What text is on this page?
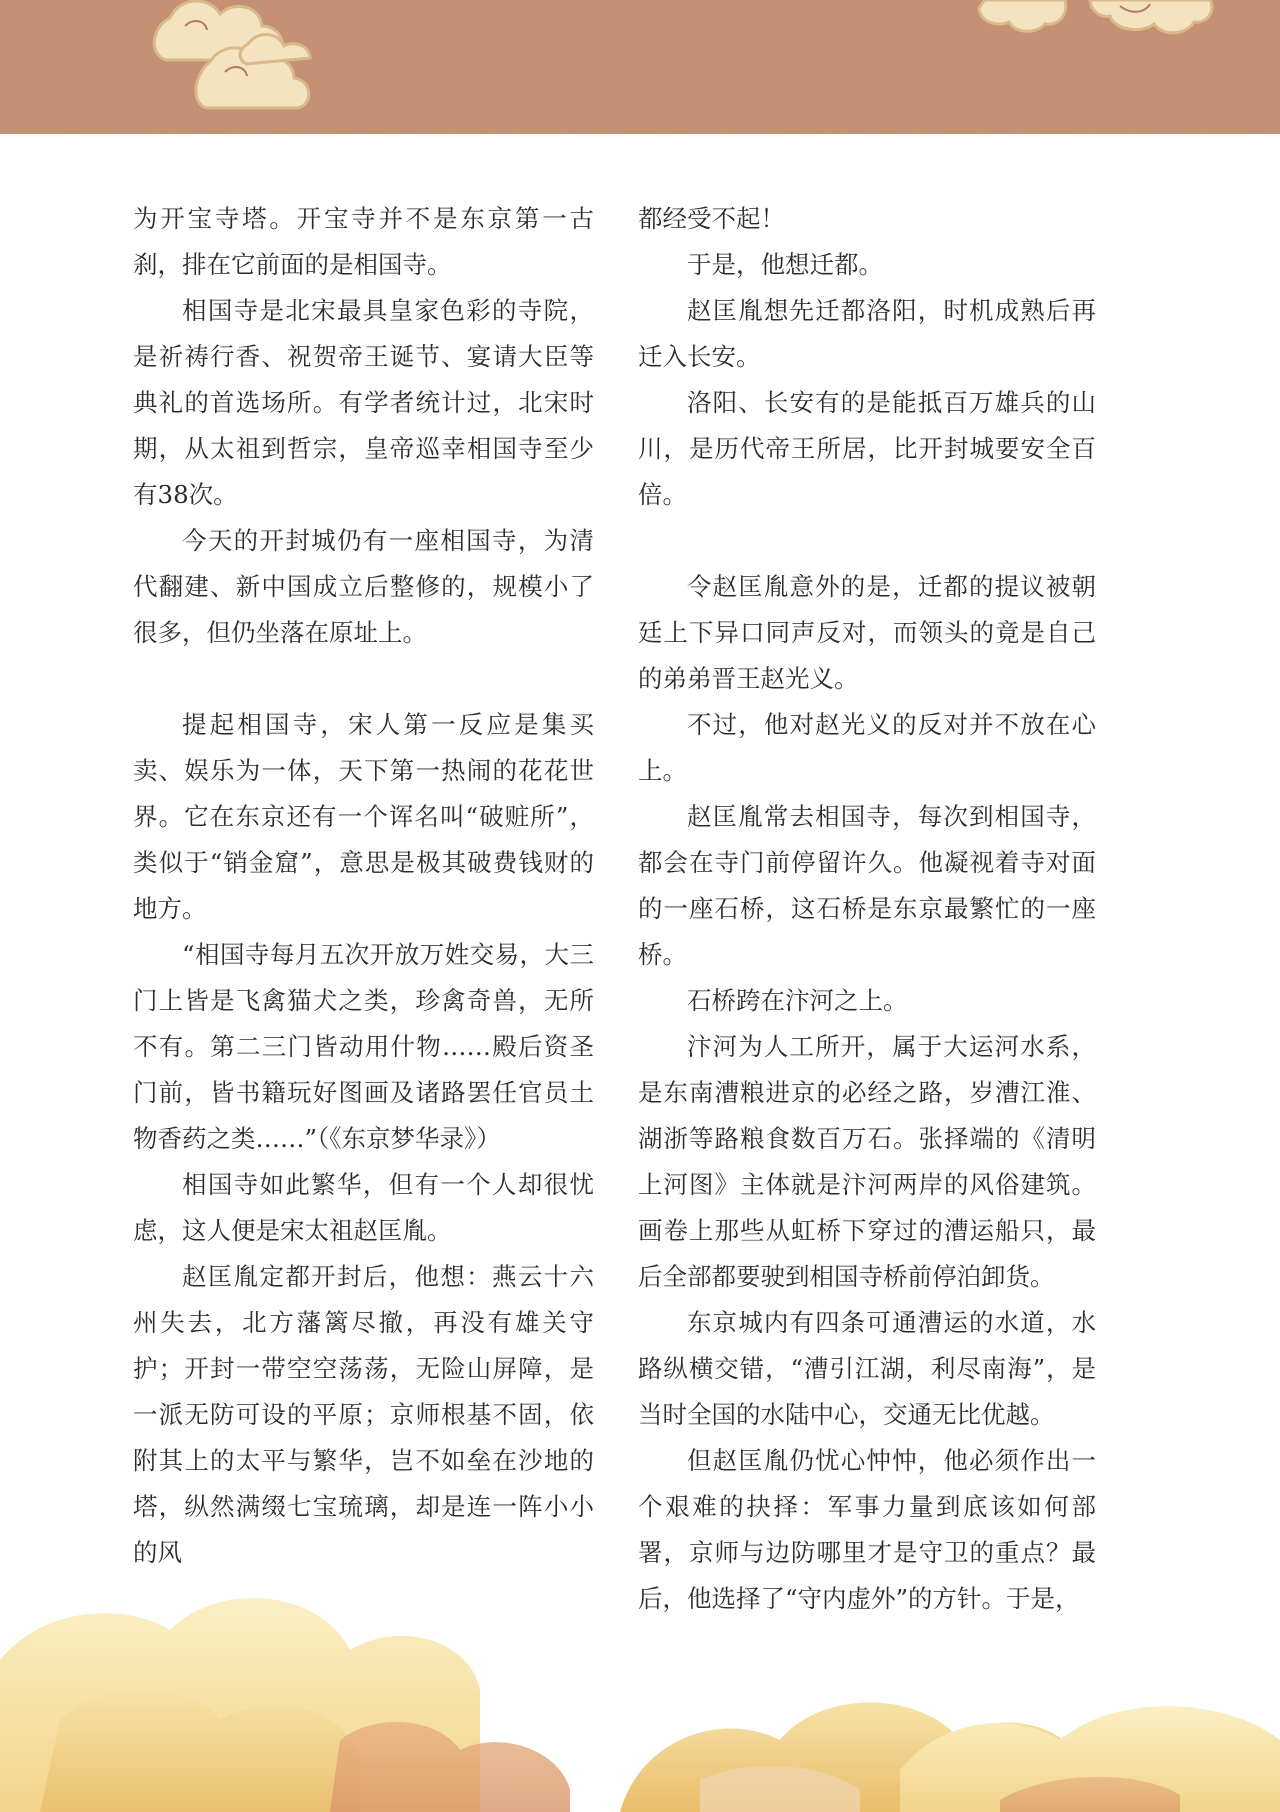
为开宝寺塔。开宝寺并不是东京第一古刹，排在它前面的是相国寺。

相国寺是北宋最具皇家色彩的寺院，是祈祷行香、祝贺帝王诞节、宴请大臣等典礼的首选场所。有学者统计过，北宋时期，从太祖到哲宗，皇帝巡幸相国寺至少有38次。

今天的开封城仍有一座相国寺，为清代翻建、新中国成立后整修的，规模小了很多，但仍坐落在原址上。

提起相国寺，宋人第一反应是集买卖、娱乐为一体，天下第一热闹的花花世界。它在东京还有一个诨名叫“破赃所”，类似于“销金窟”，意思是极其破费钱财的地方。

“相国寺每月五次开放万姓交易，大三门上皆是飞禽猫犬之类，珍禽奇兽，无所不有。第二三门皆动用什物……殿后资圣门前，皆书籍玩好图画及诸路罢任官员土物香药之类……”（《东京梦华录》）

相国寺如此繁华，但有一个人却很忧虑，这人便是宋太祖赵匡胤。

赵匡胤定都开封后，他想：燕云十六州失去，北方藩篱尽撤，再没有雄关守护；开封一带空空荡荡，无险山屏障，是一派无防可设的平原；京师根基不固，依附其上的太平与繁华，岂不如垒在沙地的塔，纵然满缀七宝琉璃，却是连一阵小小的风

都经受不起！

于是，他想迁都。

赵匡胤想先迁都洛阳，时机成熟后再迁入长安。

洛阳、长安有的是能抵百万雄兵的山川，是历代帝王所居，比开封城要安全百倍。

令赵匡胤意外的是，迁都的提议被朝廷上下异口同声反对，而领头的竟是自己的弟弟晋王赵光义。

不过，他对赵光义的反对并不放在心上。

赵匡胤常去相国寺，每次到相国寺，都会在寺门前停留许久。他凝视着寺对面的一座石桥，这石桥是东京最繁忙的一座桥。

石桥跨在汴河之上。

汴河为人工所开，属于大运河水系，是东南漕粮进京的必经之路，岁漕江淮、湖浙等路粮食数百万石。张择端的《清明上河图》主体就是汴河两岸的风俗建筑。画卷上那些从虹桥下穿过的漕运船只，最后全部都要驶到相国寺桥前停泊卸货。

东京城内有四条可通漕运的水道，水路纵横交错，“漕引江湖，利尽南海”，是当时全国的水陆中心，交通无比优越。

但赵匡胤仍忧心忡忡，他必须作出一个艰难的抉择：军事力量到底该如何部署，京师与边防哪里才是守卫的重点？最后，他选择了“守内虚外”的方针。于是，
